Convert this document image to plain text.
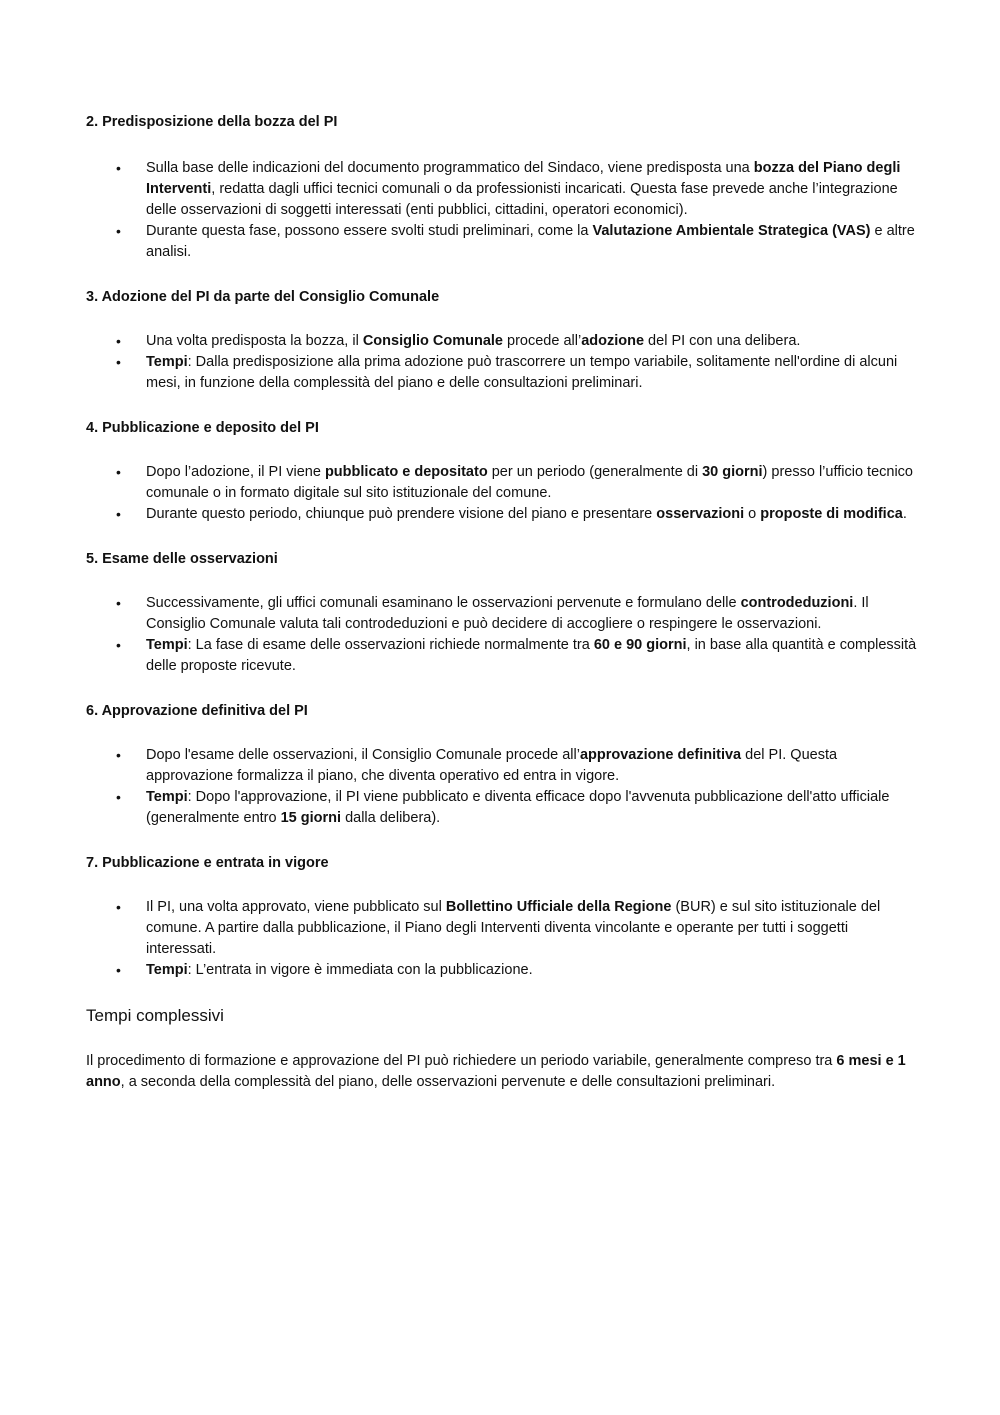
2. Predisposizione della bozza del PI
• Sulla base delle indicazioni del documento programmatico del Sindaco, viene predisposta una bozza del Piano degli Interventi, redatta dagli uffici tecnici comunali o da professionisti incaricati. Questa fase prevede anche l’integrazione delle osservazioni di soggetti interessati (enti pubblici, cittadini, operatori economici).
• Durante questa fase, possono essere svolti studi preliminari, come la Valutazione Ambientale Strategica (VAS) e altre analisi.
3. Adozione del PI da parte del Consiglio Comunale
• Una volta predisposta la bozza, il Consiglio Comunale procede all’adozione del PI con una delibera.
• Tempi: Dalla predisposizione alla prima adozione può trascorrere un tempo variabile, solitamente nell'ordine di alcuni mesi, in funzione della complessità del piano e delle consultazioni preliminari.
4. Pubblicazione e deposito del PI
• Dopo l’adozione, il PI viene pubblicato e depositato per un periodo (generalmente di 30 giorni) presso l’ufficio tecnico comunale o in formato digitale sul sito istituzionale del comune.
• Durante questo periodo, chiunque può prendere visione del piano e presentare osservazioni o proposte di modifica.
5. Esame delle osservazioni
• Successivamente, gli uffici comunali esaminano le osservazioni pervenute e formulano delle controdeduzioni. Il Consiglio Comunale valuta tali controdeduzioni e può decidere di accogliere o respingere le osservazioni.
• Tempi: La fase di esame delle osservazioni richiede normalmente tra 60 e 90 giorni, in base alla quantità e complessità delle proposte ricevute.
6. Approvazione definitiva del PI
• Dopo l'esame delle osservazioni, il Consiglio Comunale procede all’approvazione definitiva del PI. Questa approvazione formalizza il piano, che diventa operativo ed entra in vigore.
• Tempi: Dopo l'approvazione, il PI viene pubblicato e diventa efficace dopo l'avvenuta pubblicazione dell'atto ufficiale (generalmente entro 15 giorni dalla delibera).
7. Pubblicazione e entrata in vigore
• Il PI, una volta approvato, viene pubblicato sul Bollettino Ufficiale della Regione (BUR) e sul sito istituzionale del comune. A partire dalla pubblicazione, il Piano degli Interventi diventa vincolante e operante per tutti i soggetti interessati.
• Tempi: L’entrata in vigore è immediata con la pubblicazione.
Tempi complessivi

Il procedimento di formazione e approvazione del PI può richiedere un periodo variabile, generalmente compreso tra 6 mesi e 1 anno, a seconda della complessità del piano, delle osservazioni pervenute e delle consultazioni preliminari.
